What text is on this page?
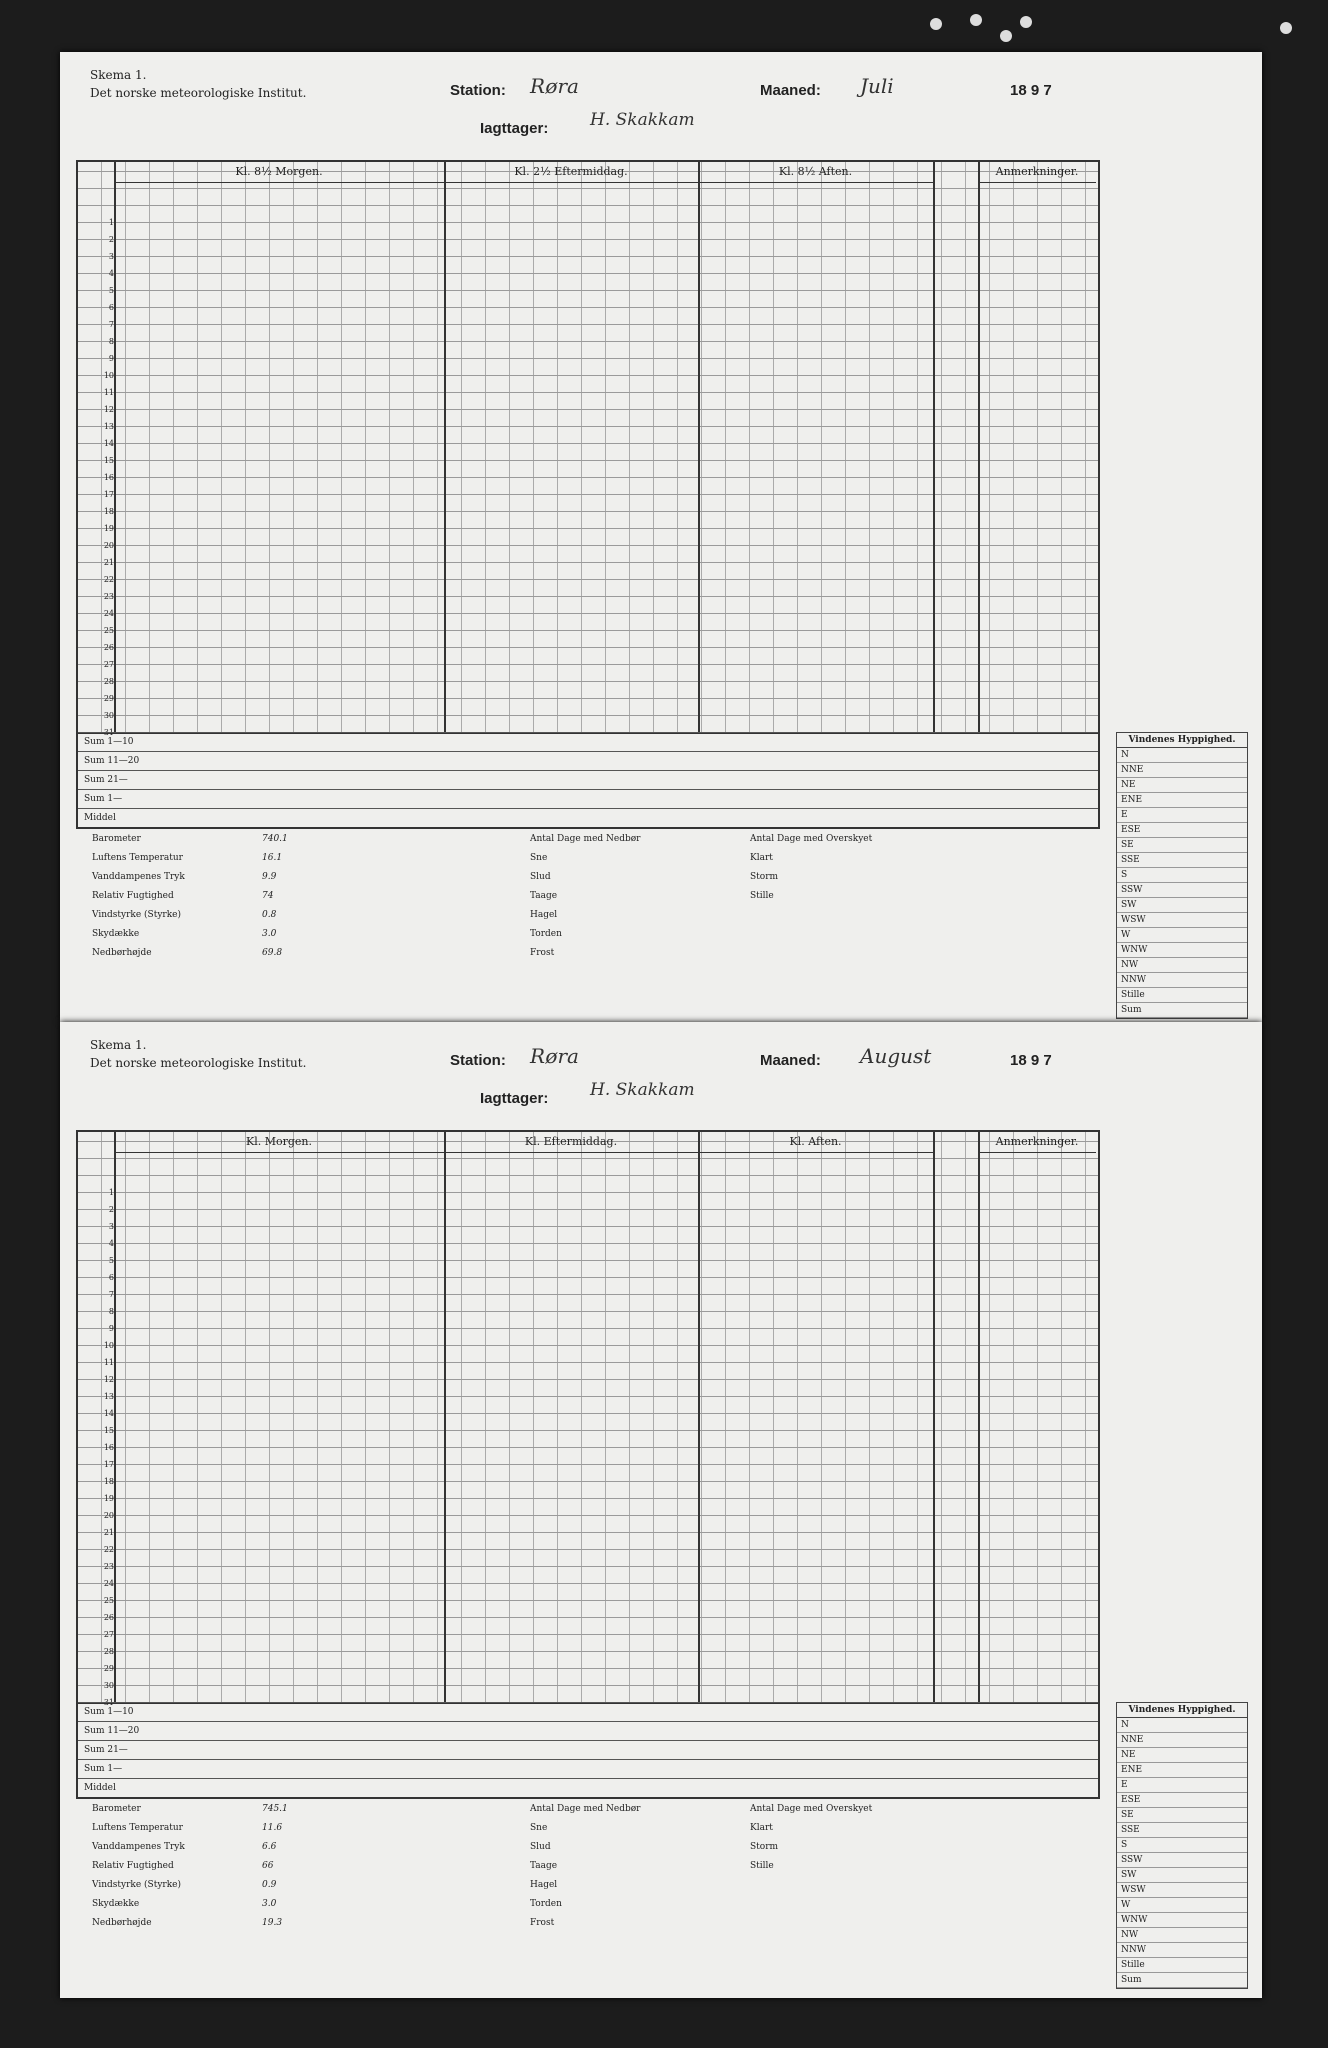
Skema 1.
Det norske meteorologiske Institut.	Station: Røra	Maaned: Juli	18 9 7
Iagttager: H. Skakkam
Kl. 8½ Morgen.	Kl. 2½ Eftermiddag.	Kl. 8½ Aften.	Anmerkninger.
1
2
3
4
5
6
7
8
9
10
11
12
13
14
15
16
17
18
19
20
21
22
23
24
25
26
27
28
29
30
31
Sum 1—10
Sum 11—20
Sum 21—
Sum 1—
Middel
Vindenes Hyppighed.
N
NNE
NE
ENE
E
ESE
SE
SSE
S
SSW
SW
WSW
W
WNW
NW
NNW
Stille
Sum
Barometer	740.1
Luftens Temperatur	16.1
Vanddampenes Tryk	9.9
Relativ Fugtighed	74
Vindstyrke (Styrke)	0.8
Skydække	3.0
Nedbørhøjde	69.8
Antal Dage med Nedbør
Sne
Slud
Taage
Hagel
Torden
Frost
Antal Dage med Overskyet
Klart
Storm
Stille
Skema 1.
Det norske meteorologiske Institut.	Station: Røra	Maaned: August	18 9 7
Iagttager: H. Skakkam
Kl. Morgen.	Kl. Eftermiddag.	Kl. Aften.	Anmerkninger.
1
2
3
4
5
6
7
8
9
10
11
12
13
14
15
16
17
18
19
20
21
22
23
24
25
26
27
28
29
30
31
Sum 1—10
Sum 11—20
Sum 21—
Sum 1—
Middel
Vindenes Hyppighed.
N
NNE
NE
ENE
E
ESE
SE
SSE
S
SSW
SW
WSW
W
WNW
NW
NNW
Stille
Sum
Barometer	745.1
Luftens Temperatur	11.6
Vanddampenes Tryk	6.6
Relativ Fugtighed	66
Vindstyrke (Styrke)	0.9
Skydække	3.0
Nedbørhøjde	19.3
Antal Dage med Nedbør
Sne
Slud
Taage
Hagel
Torden
Frost
Antal Dage med Overskyet
Klart
Storm
Stille
